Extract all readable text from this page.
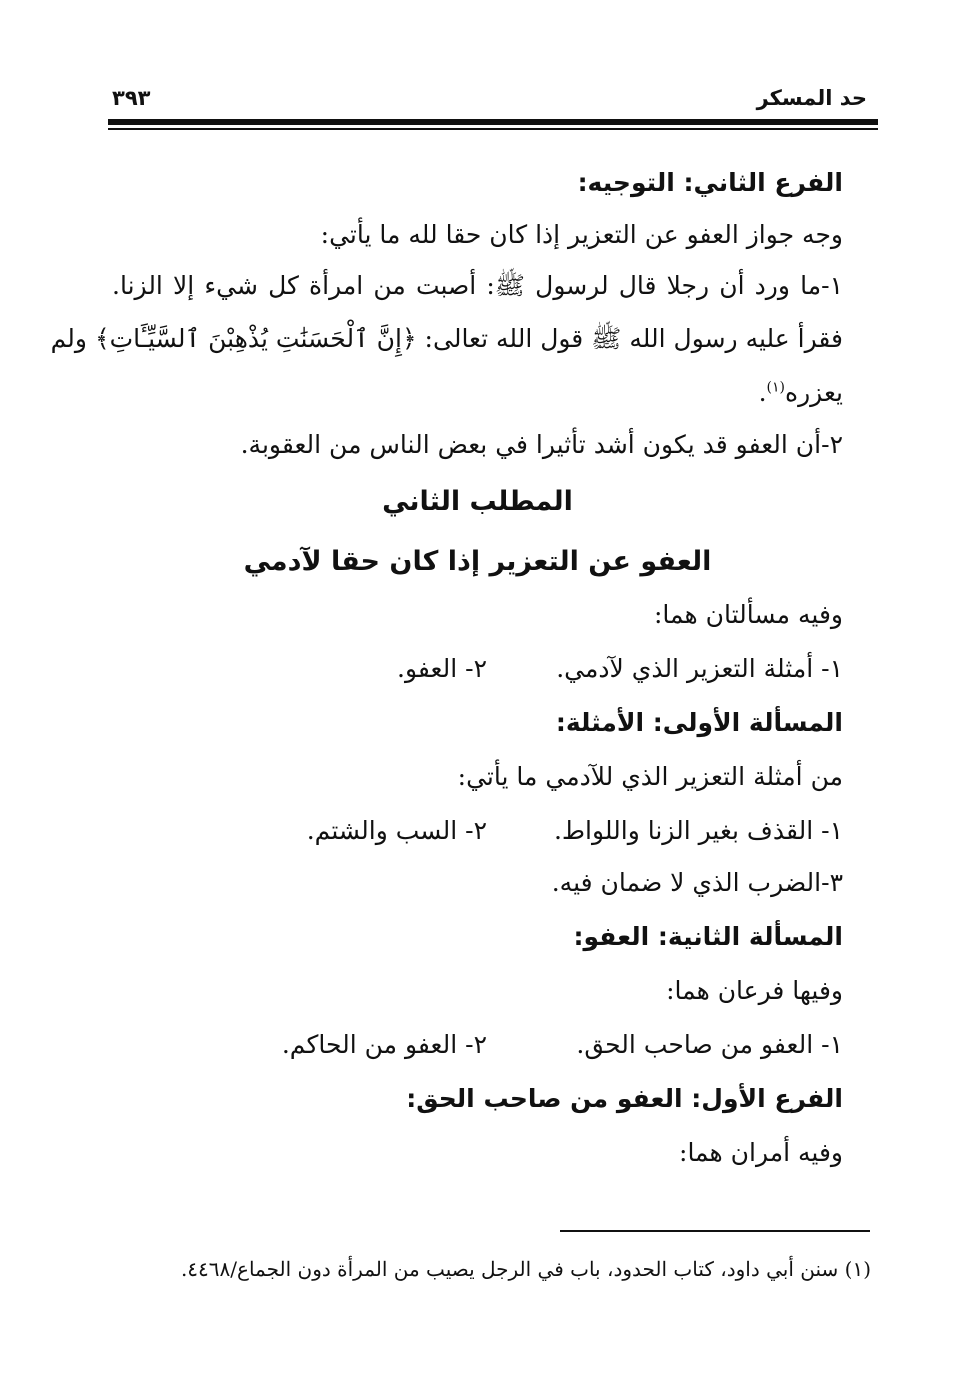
حد المسكر
٣٩٣
الفرع الثاني: التوجيه:
وجه جواز العفو عن التعزير إذا كان حقا لله ما يأتي:
١-ما ورد أن رجلا قال لرسول ﷺ: أصبت من امرأة كل شيء إلا الزنا.
فقرأ عليه رسول الله ﷺ قول الله تعالى: ﴿إِنَّ ٱلْحَسَنَٰتِ يُذْهِبْنَ ٱلسَّيِّـَٔاتِ﴾ ولم
يعزره$^{(١)}$.
٢-أن العفو قد يكون أشد تأثيرا في بعض الناس من العقوبة.
المطلب الثاني
العفو عن التعزير إذا كان حقا لآدمي
وفيه مسألتان هما:
١- أمثلة التعزير الذي لآدمي.
٢- العفو.
المسألة الأولى: الأمثلة:
من أمثلة التعزير الذي للآدمي ما يأتي:
١- القذف بغير الزنا واللواط.
٢- السب والشتم.
٣-الضرب الذي لا ضمان فيه.
المسألة الثانية: العفو:
وفيها فرعان هما:
١- العفو من صاحب الحق.
٢- العفو من الحاكم.
الفرع الأول: العفو من صاحب الحق:
وفيه أمران هما:
(١) سنن أبي داود، كتاب الحدود، باب في الرجل يصيب من المرأة دون الجماع/٤٤٦٨.
